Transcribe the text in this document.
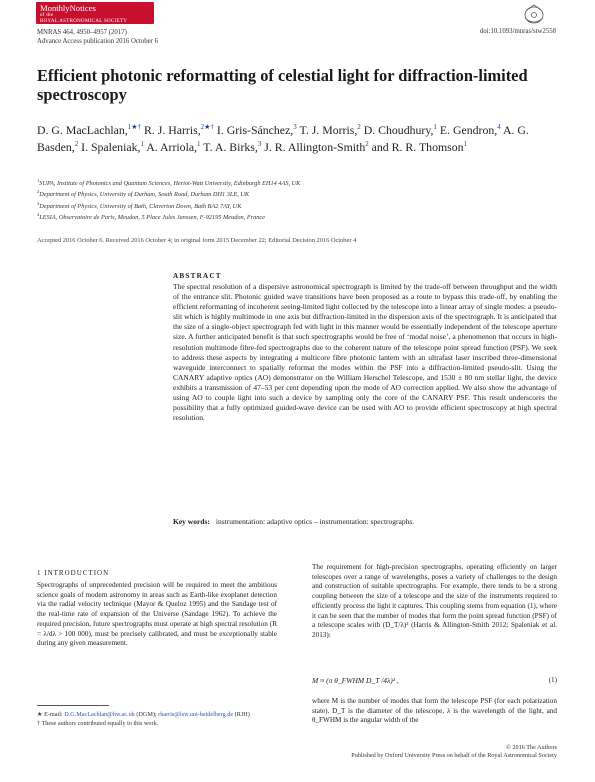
MonthlyNotices
of the
ROYAL ASTRONOMICAL SOCIETY
MNRAS 464, 4950–4957 (2017)
Advance Access publication 2016 October 6
doi:10.1093/mnras/stw2558
Efficient photonic reformatting of celestial light for diffraction-limited spectroscopy
D. G. MacLachlan,$^{1★\dagger}$ R. J. Harris,$^{2★\dagger}$ I. Gris-Sánchez,$^3$ T. J. Morris,$^2$ D. Choudhury,$^1$ E. Gendron,$^4$ A. G. Basden,$^2$ I. Spaleniak,$^1$ A. Arriola,$^1$ T. A. Birks,$^3$ J. R. Allington-Smith$^2$ and R. R. Thomson$^1$
$^1$SUPA, Institute of Photonics and Quantum Sciences, Heriot-Watt University, Edinburgh EH14 4AS, UK
$^2$Department of Physics, University of Durham, South Road, Durham DH1 3LE, UK
$^3$Department of Physics, University of Bath, Claverton Down, Bath BA2 7AY, UK
$^4$LESIA, Observatoire de Paris, Meudon, 5 Place Jules Janssen, F-92195 Meudon, France
Accepted 2016 October 6. Received 2016 October 4; in original form 2015 December 22; Editorial Decision 2016 October 4
ABSTRACT
The spectral resolution of a dispersive astronomical spectrograph is limited by the trade-off between throughput and the width of the entrance slit. Photonic guided wave transitions have been proposed as a route to bypass this trade-off, by enabling the efficient reformatting of incoherent seeing-limited light collected by the telescope into a linear array of single modes: a pseudo-slit which is highly multimode in one axis but diffraction-limited in the dispersion axis of the spectrograph. It is anticipated that the size of a single-object spectrograph fed with light in this manner would be essentially independent of the telescope aperture size. A further anticipated benefit is that such spectrographs would be free of ‘modal noise’, a phenomenon that occurs in high-resolution multimode fibre-fed spectrographs due to the coherent nature of the telescope point spread function (PSF). We seek to address these aspects by integrating a multicore fibre photonic lantern with an ultrafast laser inscribed three-dimensional waveguide interconnect to spatially reformat the modes within the PSF into a diffraction-limited pseudo-slit. Using the CANARY adaptive optics (AO) demonstrator on the William Herschel Telescope, and 1530 ± 80 nm stellar light, the device exhibits a transmission of 47–53 per cent depending upon the mode of AO correction applied. We also show the advantage of using AO to couple light into such a device by sampling only the core of the CANARY PSF. This result underscores the possibility that a fully optimized guided-wave device can be used with AO to provide efficient spectroscopy at high spectral resolution.
Key words: instrumentation: adaptive optics – instrumentation: spectrographs.
1 INTRODUCTION
Spectrographs of unprecedented precision will be required to meet the ambitious science goals of modern astronomy in areas such as Earth-like exoplanet detection via the radial velocity technique (Mayor & Queloz 1995) and the Sandage test of the real-time rate of expansion of the Universe (Sandage 1962). To achieve the required precision, future spectrographs must operate at high spectral resolution (R = λ/dλ > 100 000), must be precisely calibrated, and must be exceptionally stable during any given measurement.
The requirement for high-precision spectrographs, operating efficiently on larger telescopes over a range of wavelengths, poses a variety of challenges to the design and construction of suitable spectrographs. For example, there tends to be a strong coupling between the size of a telescope and the size of the instruments required to efficiently process the light it captures. This coupling stems from equation (1), where it can be seen that the number of modes that form the point spread function (PSF) of a telescope scales with (D_T/λ)² (Harris & Allington-Smith 2012; Spaleniak et al. 2013):
M ≈ (π θ_FWHM D_T /4λ)² ,	(1)
where M is the number of modes that form the telescope PSF (for each polarization state). D_T is the diameter of the telescope, λ is the wavelength of the light, and θ_FWHM is the angular width of the
★ E-mail: D.G.MacLachlan@hw.ac.uk (DGM); rharris@lsw.uni-heidelberg.de (RJH)
† These authors contributed equally to this work.
© 2016 The Authors
Published by Oxford University Press on behalf of the Royal Astronomical Society
